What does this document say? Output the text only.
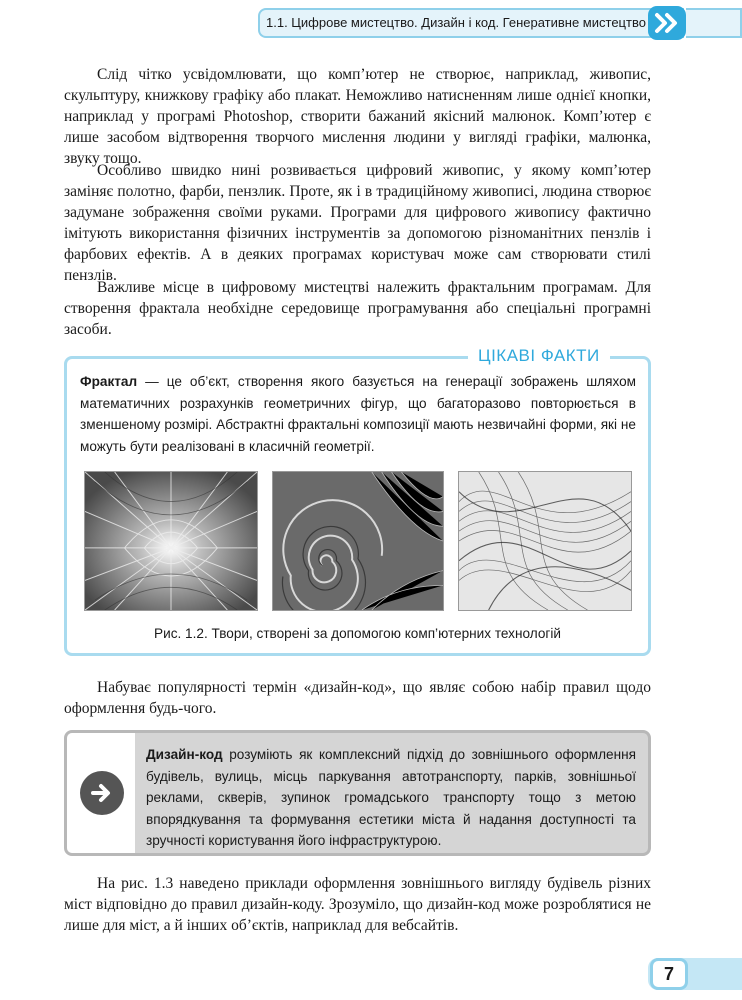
1.1. Цифрове мистецтво. Дизайн і код. Генеративне мистецтво

Слід чітко усвідомлювати, що комп’ютер не створює, наприклад, живопис, скульптуру, книжкову графіку або плакат. Неможливо натисненням лише однієї кнопки, наприклад у програмі Photoshop, створити бажаний якісний малюнок. Комп’ютер є лише засобом відтворення творчого мислення людини у вигляді графіки, малюнка, звуку тощо.

Особливо швидко нині розвивається цифровий живопис, у якому комп’ютер заміняє полотно, фарби, пензлик. Проте, як і в традиційному живописі, людина створює задумане зображення своїми руками. Програми для цифрового живопису фактично імітують використання фізичних інструментів за допомогою різноманітних пензлів і фарбових ефектів. А в деяких програмах користувач може сам створювати стилі пензлів.

Важливе місце в цифровому мистецтві належить фрактальним програмам. Для створення фрактала необхідне середовище програмування або спеціальні програмні засоби.

ЦІКАВІ ФАКТИ

Фрактал — це об’єкт, створення якого базується на генерації зображень шляхом математичних розрахунків геометричних фігур, що багаторазово повторюється в зменшеному розмірі. Абстрактні фрактальні композиції мають незвичайні форми, які не можуть бути реалізовані в класичній геометрії.

Рис. 1.2. Твори, створені за допомогою комп’ютерних технологій

Набуває популярності термін «дизайн-код», що являє собою набір правил щодо оформлення будь-чого.

Дизайн-код розуміють як комплексний підхід до зовнішнього оформлення будівель, вулиць, місць паркування автотранспорту, парків, зовнішньої реклами, скверів, зупинок громадського транспорту тощо з метою впорядкування та формування естетики міста й надання доступності та зручності користування його інфраструктурою.

На рис. 1.3 наведено приклади оформлення зовнішнього вигляду будівель різних міст відповідно до правил дизайн-коду. Зрозуміло, що дизайн-код може розроблятися не лише для міст, а й інших об’єктів, наприклад для вебсайтів.

7
